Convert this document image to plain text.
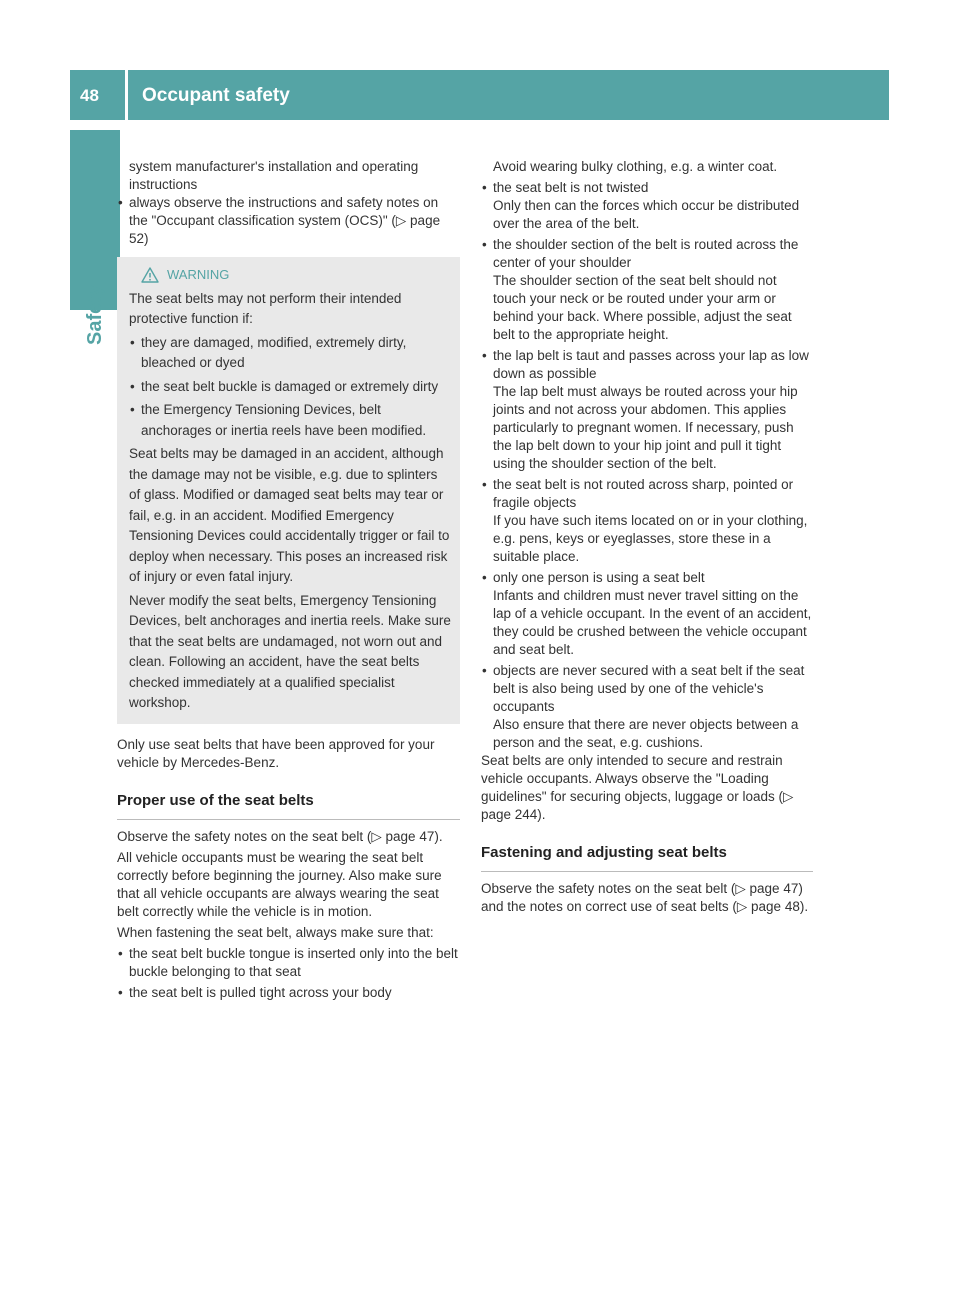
48 Occupant safety
Safety
system manufacturer's installation and operating instructions
• always observe the instructions and safety notes on the "Occupant classification system (OCS)" (▷ page 52)
WARNING

The seat belts may not perform their intended protective function if:

• they are damaged, modified, extremely dirty, bleached or dyed
• the seat belt buckle is damaged or extremely dirty
• the Emergency Tensioning Devices, belt anchorages or inertia reels have been modified.

Seat belts may be damaged in an accident, although the damage may not be visible, e.g. due to splinters of glass. Modified or damaged seat belts may tear or fail, e.g. in an accident. Modified Emergency Tensioning Devices could accidentally trigger or fail to deploy when necessary. This poses an increased risk of injury or even fatal injury.

Never modify the seat belts, Emergency Tensioning Devices, belt anchorages and inertia reels. Make sure that the seat belts are undamaged, not worn out and clean. Following an accident, have the seat belts checked immediately at a qualified specialist workshop.

Only use seat belts that have been approved for your vehicle by Mercedes-Benz.
Proper use of the seat belts
Observe the safety notes on the seat belt (▷ page 47).
All vehicle occupants must be wearing the seat belt correctly before beginning the journey. Also make sure that all vehicle occupants are always wearing the seat belt correctly while the vehicle is in motion.
When fastening the seat belt, always make sure that:
• the seat belt buckle tongue is inserted only into the belt buckle belonging to that seat
• the seat belt is pulled tight across your body
Avoid wearing bulky clothing, e.g. a winter coat.
• the seat belt is not twisted
Only then can the forces which occur be distributed over the area of the belt.
• the shoulder section of the belt is routed across the center of your shoulder
The shoulder section of the seat belt should not touch your neck or be routed under your arm or behind your back. Where possible, adjust the seat belt to the appropriate height.
• the lap belt is taut and passes across your lap as low down as possible
The lap belt must always be routed across your hip joints and not across your abdomen. This applies particularly to pregnant women. If necessary, push the lap belt down to your hip joint and pull it tight using the shoulder section of the belt.
• the seat belt is not routed across sharp, pointed or fragile objects
If you have such items located on or in your clothing, e.g. pens, keys or eyeglasses, store these in a suitable place.
• only one person is using a seat belt
Infants and children must never travel sitting on the lap of a vehicle occupant. In the event of an accident, they could be crushed between the vehicle occupant and seat belt.
• objects are never secured with a seat belt if the seat belt is also being used by one of the vehicle's occupants
Also ensure that there are never objects between a person and the seat, e.g. cushions.
Seat belts are only intended to secure and restrain vehicle occupants. Always observe the "Loading guidelines" for securing objects, luggage or loads (▷ page 244).
Fastening and adjusting seat belts
Observe the safety notes on the seat belt (▷ page 47) and the notes on correct use of seat belts (▷ page 48).
